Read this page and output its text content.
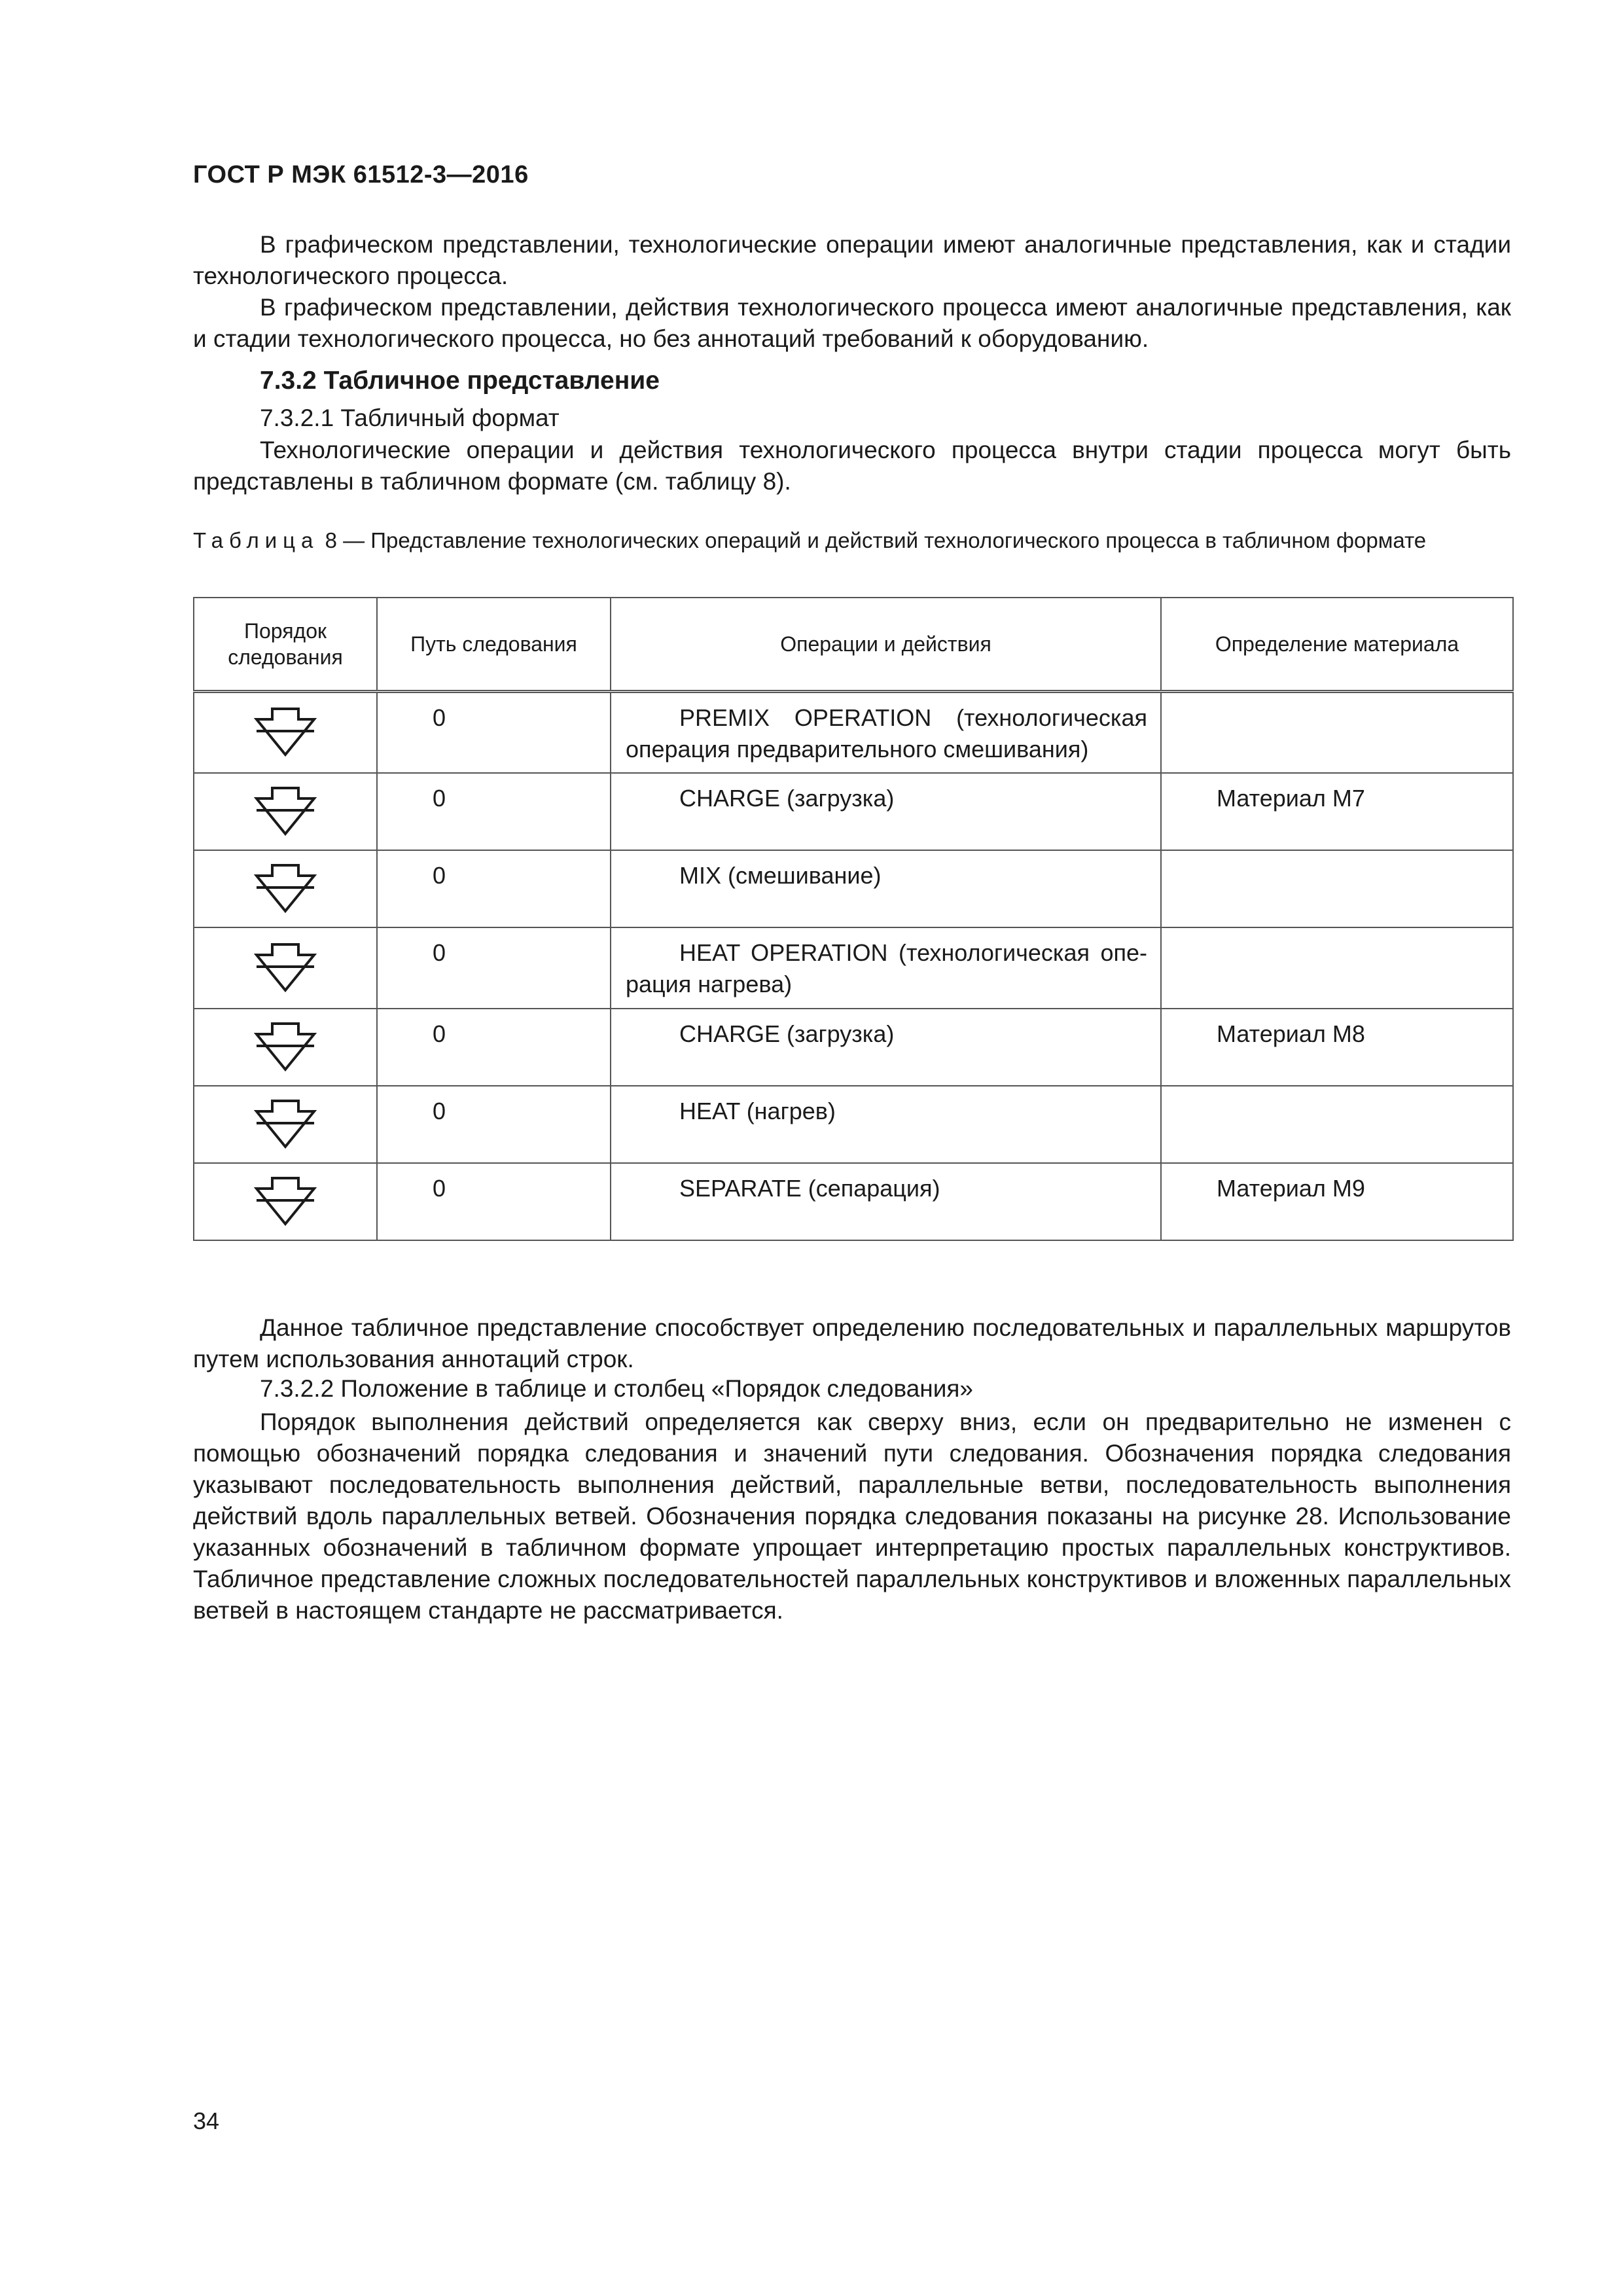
ГОСТ Р МЭК 61512-3—2016

В графическом представлении, технологические операции имеют аналогичные представления, как и стадии технологического процесса.

В графическом представлении, действия технологического процесса имеют аналогичные представления, как и стадии технологического процесса, но без аннотаций требований к оборудованию.

7.3.2 Табличное представление
7.3.2.1 Табличный формат

Технологические операции и действия технологического процесса внутри стадии процесса могут быть представлены в табличном формате (см. таблицу 8).

Таблица 8 — Представление технологических операций и действий технологического процесса в табличном формате
Порядок следования	Путь следования	Операции и действия	Определение материала

	0	PREMIX OPERATION (технологическая операция предварительного смешивания)	

	0	CHARGE (загрузка)	Материал M7

	0	MIX (смешивание)	

	0	HEAT OPERATION (технологическая операция нагрева)	

	0	CHARGE (загрузка)	Материал M8

	0	HEAT (нагрев)	

	0	SEPARATE (сепарация)	Материал M9

Данное табличное представление способствует определению последовательных и параллельных маршрутов путем использования аннотаций строк.

7.3.2.2 Положение в таблице и столбец «Порядок следования»

Порядок выполнения действий определяется как сверху вниз, если он предварительно не изменен с помощью обозначений порядка следования и значений пути следования. Обозначения порядка следования указывают последовательность выполнения действий, параллельные ветви, последовательность выполнения действий вдоль параллельных ветвей. Обозначения порядка следования показаны на рисунке 28. Использование указанных обозначений в табличном формате упрощает интерпретацию простых параллельных конструктивов. Табличное представление сложных последовательностей параллельных конструктивов и вложенных параллельных ветвей в настоящем стандарте не рассматривается.

34
